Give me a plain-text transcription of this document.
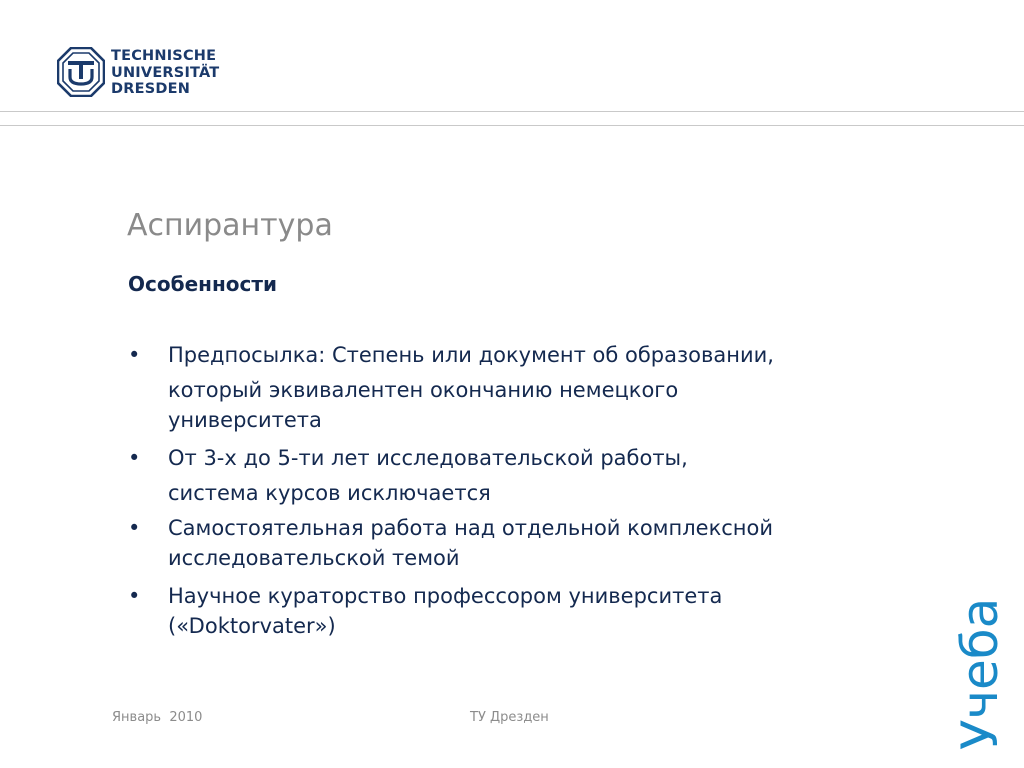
TECHNISCHE
UNIVERSITÄT
DRESDEN
Аспирантура
Особенности
• Предпосылка: Степень или документ об образовании,
который эквивалентен окончанию немецкого
университета
• От 3-х до 5-ти лет исследовательской работы,
система курсов исключается
• Самостоятельная работа над отдельной комплексной
исследовательской темой
• Научное кураторство профессором университета
(«Doktorvater»)	Учеба
Январь  2010	ТУ Дрезден
